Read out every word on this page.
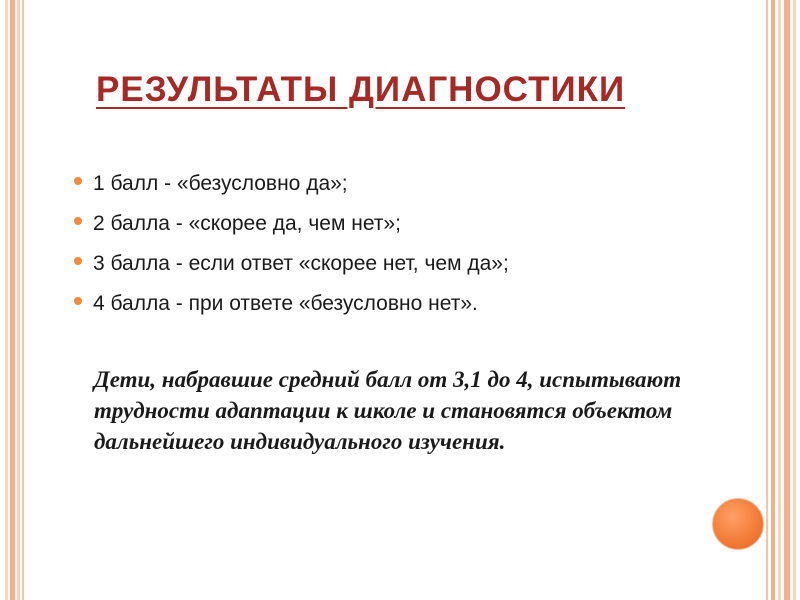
РЕЗУЛЬТАТЫ ДИАГНОСТИКИ
1 балл - «безусловно да»;
2 балла - «скорее да, чем нет»;
3 балла - если ответ «скорее нет, чем да»;
4 балла - при ответе «безусловно нет».

Дети, набравшие средний балл от 3,1 до 4, испытывают трудности адаптации к школе и становятся объектом дальнейшего индивидуального изучения.
